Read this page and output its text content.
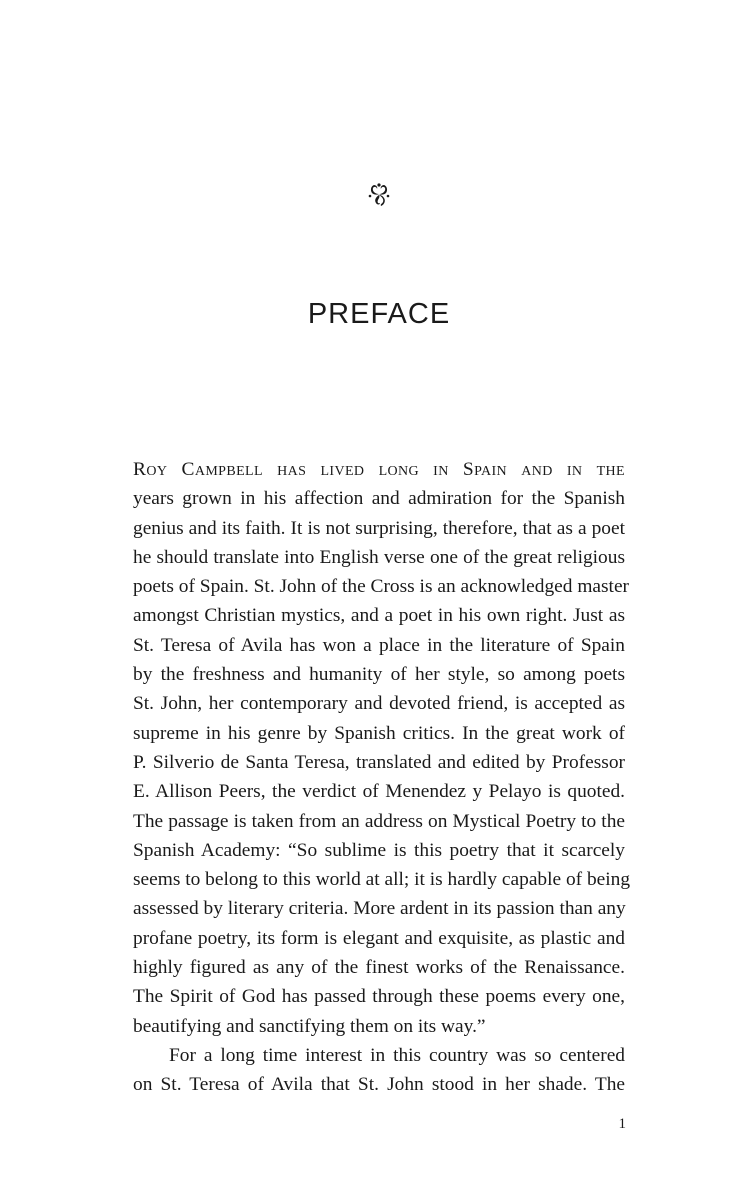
PREFACE
Roy Campbell has lived long in Spain and in the
years grown in his affection and admiration for the Spanish
genius and its faith. It is not surprising, therefore, that as a poet
he should translate into English verse one of the great religious
poets of Spain. St. John of the Cross is an acknowledged master
amongst Christian mystics, and a poet in his own right. Just as
St. Teresa of Avila has won a place in the literature of Spain
by the freshness and humanity of her style, so among poets
St. John, her contemporary and devoted friend, is accepted as
supreme in his genre by Spanish critics. In the great work of
P. Silverio de Santa Teresa, translated and edited by Professor
E. Allison Peers, the verdict of Menendez y Pelayo is quoted.
The passage is taken from an address on Mystical Poetry to the
Spanish Academy: “So sublime is this poetry that it scarcely
seems to belong to this world at all; it is hardly capable of being
assessed by literary criteria. More ardent in its passion than any
profane poetry, its form is elegant and exquisite, as plastic and
highly figured as any of the finest works of the Renaissance.
The Spirit of God has passed through these poems every one,
beautifying and sanctifying them on its way.”
For a long time interest in this country was so centered
on St. Teresa of Avila that St. John stood in her shade. The
1
